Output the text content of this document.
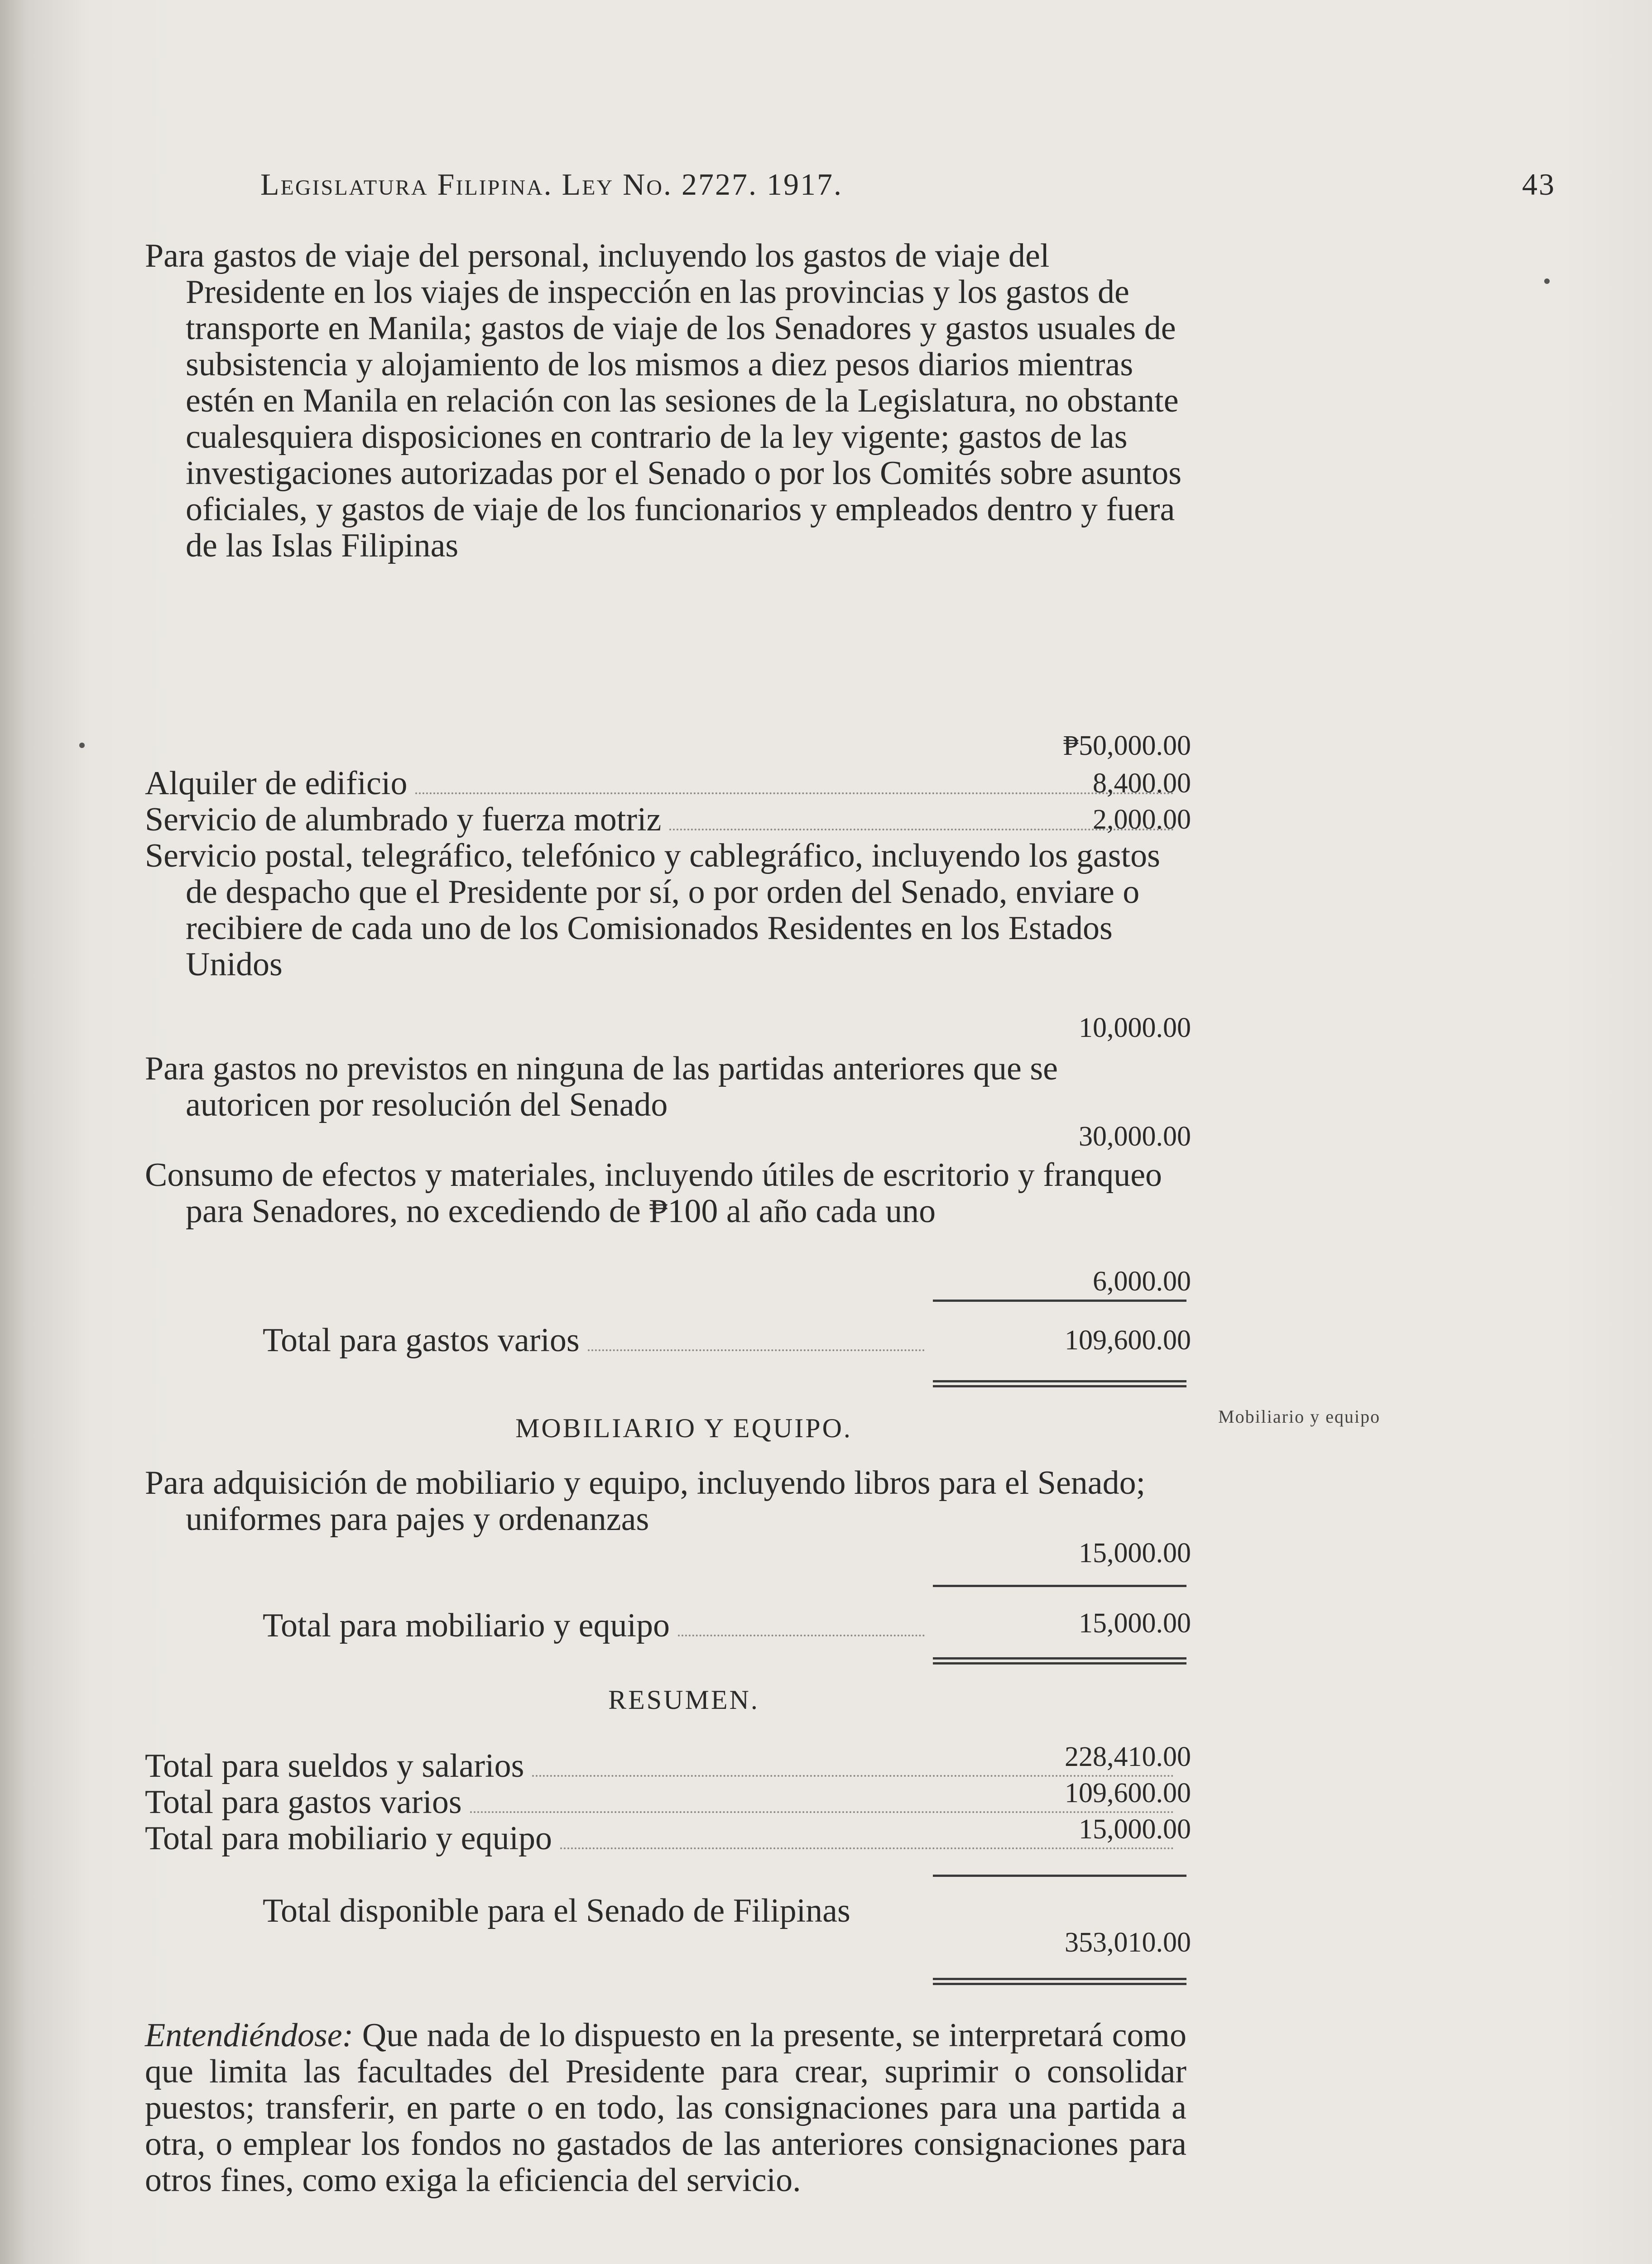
Legislatura Filipina. Ley No. 2727. 1917.	43
Para gastos de viaje del personal, incluyendo los gastos de viaje del Presidente en los viajes de inspección en las provincias y los gastos de transporte en Manila; gastos de viaje de los Senadores y gastos usuales de subsistencia y alojamiento de los mismos a diez pesos diarios mientras estén en Manila en relación con las sesiones de la Legislatura, no obstante cualesquiera disposiciones en contrario de la ley vigente; gastos de las investigaciones autorizadas por el Senado o por los Comités sobre asuntos oficiales, y gastos de viaje de los funcionarios y empleados dentro y fuera de las Islas Filipinas
₱50,000.00
Alquiler de edificio	8,400.00
Servicio de alumbrado y fuerza motriz	2,000.00
Servicio postal, telegráfico, telefónico y cablegráfico, incluyendo los gastos de despacho que el Presidente por sí, o por orden del Senado, enviare o recibiere de cada uno de los Comisionados Residentes en los Estados Unidos
10,000.00
Para gastos no previstos en ninguna de las partidas anteriores que se autoricen por resolución del Senado
30,000.00
Consumo de efectos y materiales, incluyendo útiles de escritorio y franqueo para Senadores, no excediendo de ₱100 al año cada uno
6,000.00
Total para gastos varios	109,600.00
MOBILIARIO Y EQUIPO.	Mobiliario y equipo
Para adquisición de mobiliario y equipo, incluyendo libros para el Senado; uniformes para pajes y ordenanzas
15,000.00
Total para mobiliario y equipo	15,000.00
RESUMEN.
Total para sueldos y salarios	228,410.00
Total para gastos varios	109,600.00
Total para mobiliario y equipo	15,000.00
Total disponible para el Senado de Filipinas
353,010.00
Entendiéndose: Que nada de lo dispuesto en la presente, se interpretará como que limita las facultades del Presidente para crear, suprimir o consolidar puestos; transferir, en parte o en todo, las consignaciones para una partida a otra, o emplear los fondos no gastados de las anteriores consignaciones para otros fines, como exiga la eficiencia del servicio.
